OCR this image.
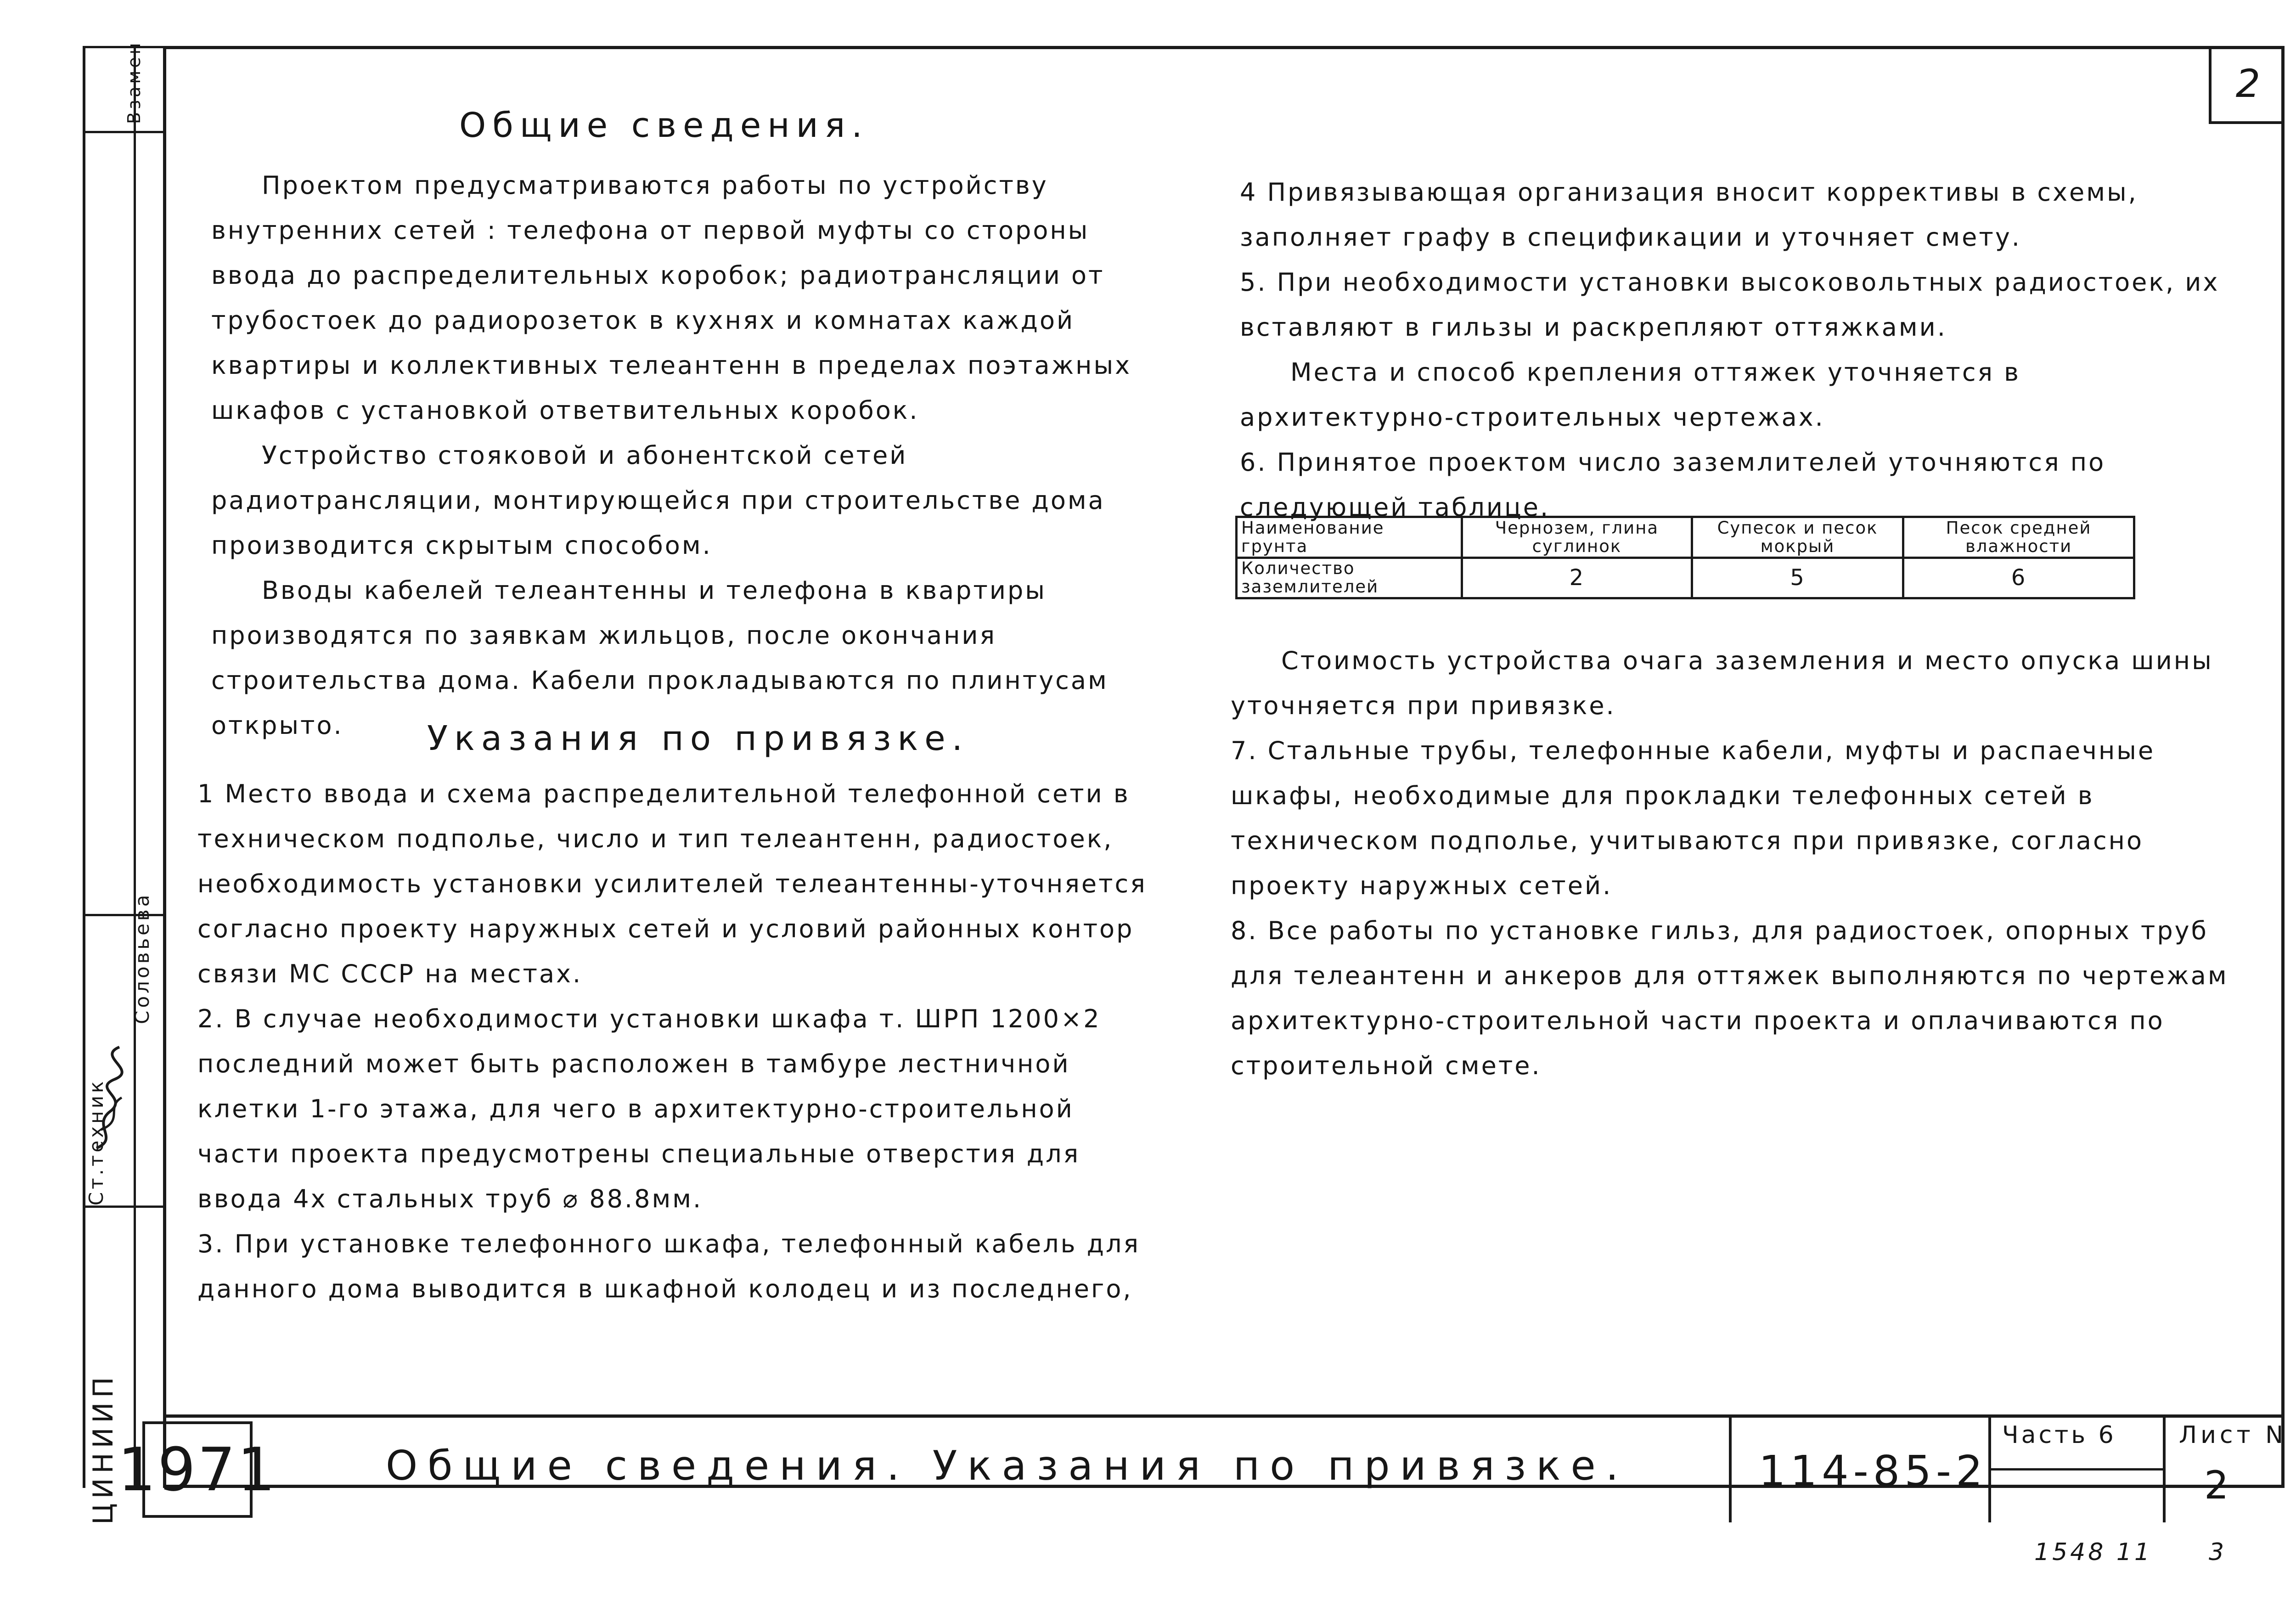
Взамен
Ст.техник
Соловьева
ЦИНИИП
2
Общие сведения.

Проектом предусматриваются работы по устройству внутренних сетей : телефона от первой муфты со стороны ввода до распределительных коробок; радиотрансляции от трубостоек до радиорозеток в кухнях и комнатах каждой квартиры и коллективных телеантенн в пределах поэтажных шкафов с установкой ответвительных коробок.

Устройство стояковой и абонентской сетей радиотрансляции, монтирующейся при строительстве дома производится скрытым способом.

Вводы кабелей телеантенны и телефона в квартиры производятся по заявкам жильцов, после окончания строительства дома. Кабели прокладываются по плинтусам открыто.	Указания по привязке.

1 Место ввода и схема распределительной телефонной сети в техническом подполье, число и тип телеантенн, радиостоек, необходимость установки усилителей телеантенны-уточняется согласно проекту наружных сетей и условий районных контор связи МС СССР на местах.

2. В случае необходимости установки шкафа т. ШРП 1200×2 последний может быть расположен в тамбуре лестничной клетки 1-го этажа, для чего в архитектурно-строительной части проекта предусмотрены специальные отверстия для ввода 4х стальных труб ⌀ 88.8мм.

3. При установке телефонного шкафа, телефонный кабель для данного дома выводится в шкафной колодец и из последнего,

4 Привязывающая организация вносит коррективы в схемы, заполняет графу в спецификации и уточняет смету.

5. При необходимости установки высоковольтных радиостоек, их вставляют в гильзы и раскрепляют оттяжками.

Места и способ крепления оттяжек уточняется в архитектурно-строительных чертежах.

6. Принятое проектом число заземлителей уточняются по следующей таблице.

Наименование грунта	Чернозем, глина суглинок	Супесок и песок мокрый	Песок средней влажности
Количество заземлителей	2	5	6

Стоимость устройства очага заземления и место опуска шины уточняется при привязке.

7. Стальные трубы, телефонные кабели, муфты и распаечные шкафы, необходимые для прокладки телефонных сетей в техническом подполье, учитываются при привязке, согласно проекту наружных сетей.

8. Все работы по установке гильз, для радиостоек, опорных труб для телеантенн и анкеров для оттяжек выполняются по чертежам архитектурно-строительной части проекта и оплачиваются по строительной смете.

1971	Общие сведения. Указания по привязке.	114-85-2
Часть 6	Лист N
2
1548 11 3
